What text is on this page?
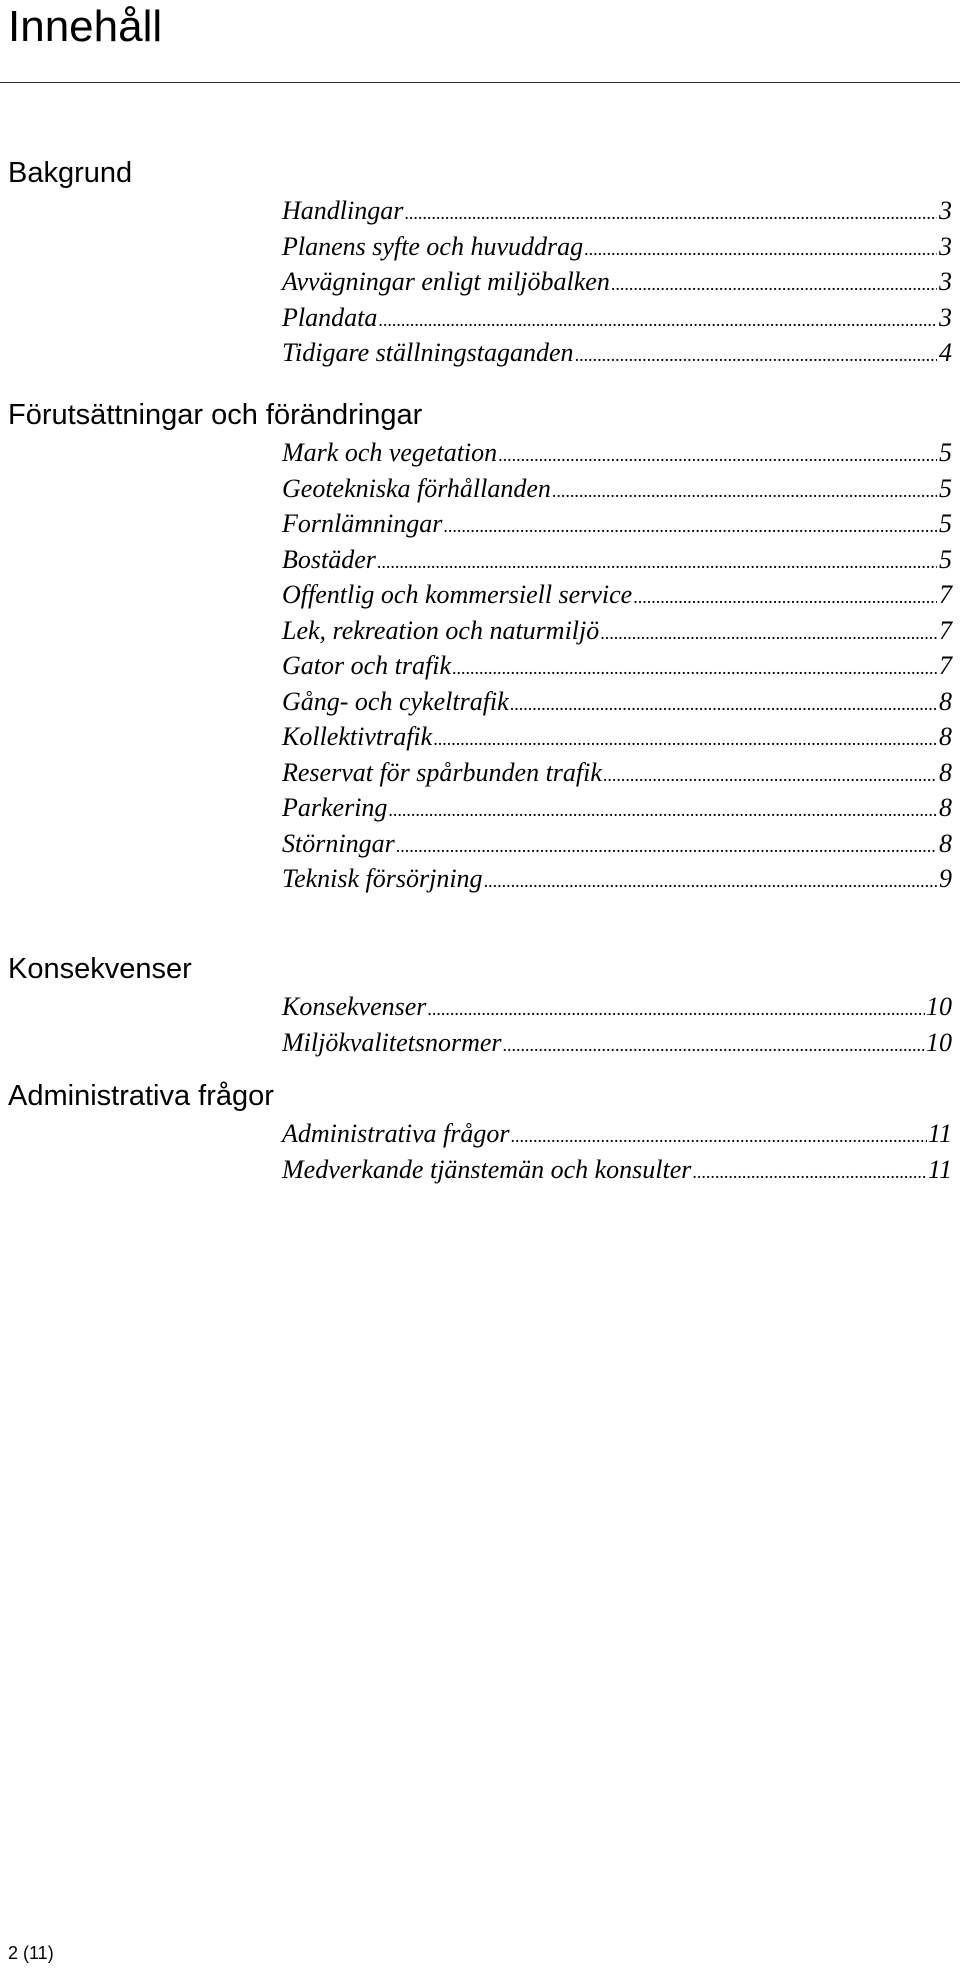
Innehåll
Bakgrund
Handlingar .....	3
Planens syfte och huvuddrag .....	3
Avvägningar enligt miljöbalken .....	3
Plandata .....	3
Tidigare ställningstaganden .....	4
Förutsättningar och förändringar
Mark och vegetation .....	5
Geotekniska förhållanden .....	5
Fornlämningar .....	5
Bostäder .....	5
Offentlig och kommersiell service .....	7
Lek, rekreation och naturmiljö .....	7
Gator och trafik .....	7
Gång- och cykeltrafik .....	8
Kollektivtrafik .....	8
Reservat för spårbunden trafik .....	8
Parkering .....	8
Störningar .....	8
Teknisk försörjning .....	9
Konsekvenser
Konsekvenser .....	10
Miljökvalitetsnormer .....	10
Administrativa frågor
Administrativa frågor .....	11
Medverkande tjänstemän och konsulter .....	11
2 (11)
